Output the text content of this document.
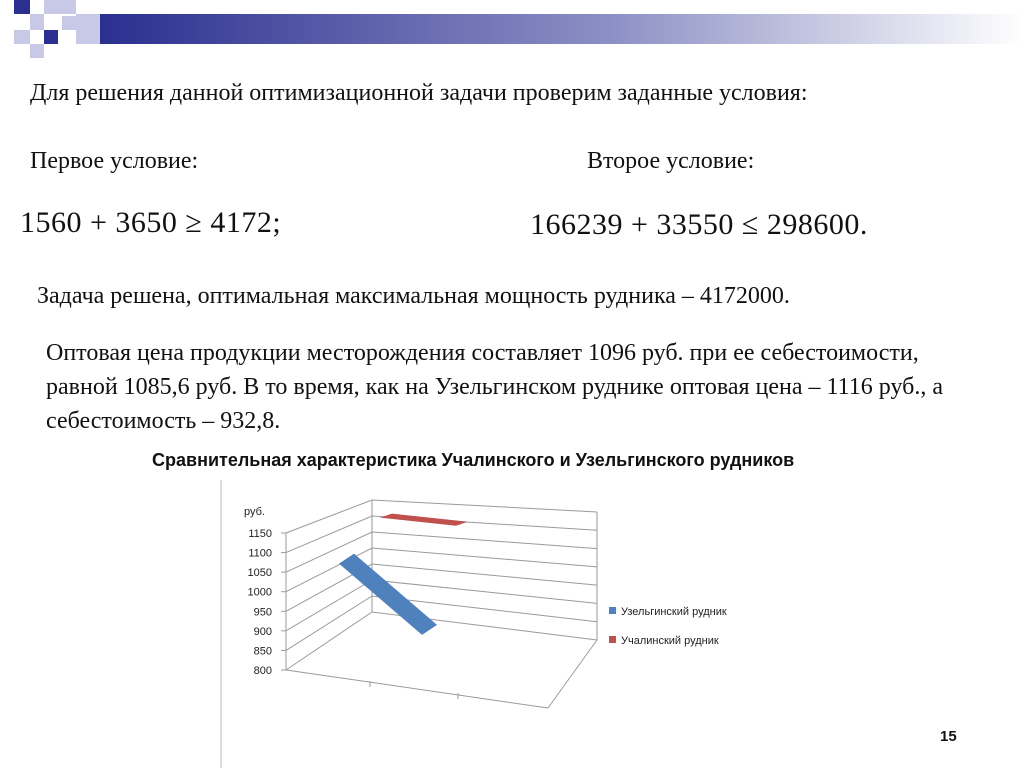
Для решения данной оптимизационной задачи проверим заданные условия:
Первое условие:	Второе условие:
1560 + 3650 ≥ 4172;	166239 + 33550 ≤ 298600.
Задача решена, оптимальная максимальная мощность рудника – 4172000.
Оптовая цена продукции месторождения составляет 1096 руб. при ее себестоимости, равной 1085,6 руб. В то время, как на Узельгинском руднике оптовая цена – 1116 руб., а себестоимость – 932,8.
Сравнительная характеристика Учалинского и Узельгинского рудников
руб.
1150
1100
1050
1000
950
900
850
800
Узельгинский рудник
Учалинский рудник
15
